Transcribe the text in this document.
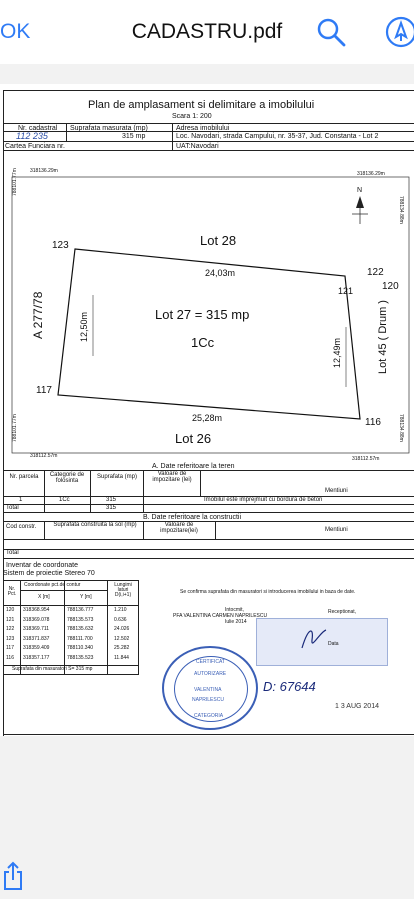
OK	CADASTRU.pdf
Plan de amplasament si delimitare a imobilului
Scara 1: 200
Nr. cadastral Suprafata masurata (mp)	Adresa imobilului
112 235	315 mp	Loc. Navodari, strada Campului, nr. 35-37, Jud. Constanta - Lot 2
Cartea Funciara nr.	UAT:Navodari
318136.29m	318136.29m
788101.77m
788134.88m
788101.77m	788134.88m
318112.57m	318112.57m
N
Lot 28
Lot 26
Lot 27 = 315 mp
1Cc
A 277/78	Lot 45 ( Drum )
24,03m
25,28m
12,50m
12,49m
123
122
121	120
117
116
A. Date referitoare la teren
Nr. parcela	Categorie de folosinta
Suprafata (mp)	Valoare de impozitare (lei)
Mentiuni
1	1Cc	315	Imobilul este imprejmuit cu bordura de beton
Total	315
B. Date referitoare la constructii
Cod constr.	Suprafata construita la sol (mp)	Valoare de impozitare(lei)	Mentiuni
Total
Inventar de coordonate
Sistem de proiectie Stereo 70
Nr. Pct.
Coordonate pct.de contur
X [m]	Y [m]
Lungimi laturi D(i,i+1)
120 318368.954	788136.777	1.210
121 318369.078	788135.573	0.636
122 318369.711	788135.632	24.026
123 318371.837	788111.700	12.502
117 318359.409	788110.340	25.282
116 318357.177	788135.523	11.844
Suprafata din masuratori S= 315 mp
Se confirma suprafata din masuratori si introducerea imobilului in baza de date.
Intocmit,
PFA VALENTINA CARMEN NAPRILESCU
Iulie 2014
Receptionat,
Data
CERTIFICAT
AUTORIZARE
VALENTINA
NAPRILESCU
CATEGORIA
D: 67644
1 3 AUG 2014
